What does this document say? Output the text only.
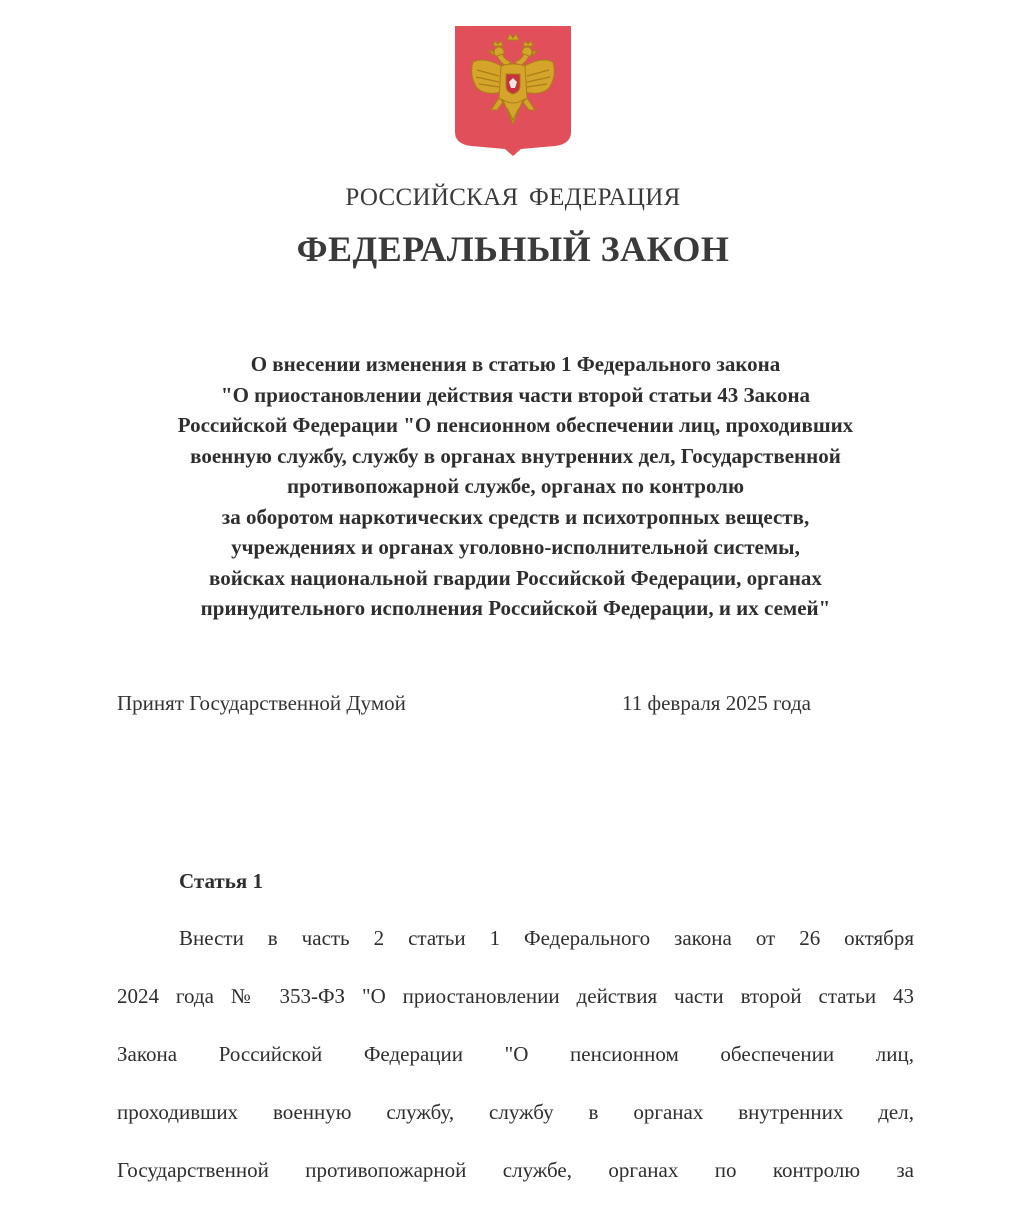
РОССИЙСКАЯ ФЕДЕРАЦИЯ
ФЕДЕРАЛЬНЫЙ ЗАКОН
О внесении изменения в статью 1 Федерального закона
"О приостановлении действия части второй статьи 43 Закона
Российской Федерации "О пенсионном обеспечении лиц, проходивших
военную службу, службу в органах внутренних дел, Государственной
противопожарной службе, органах по контролю
за оборотом наркотических средств и психотропных веществ,
учреждениях и органах уголовно-исполнительной системы,
войсках национальной гвардии Российской Федерации, органах
принудительного исполнения Российской Федерации, и их семей"
Принят Государственной Думой	11 февраля 2025 года
Статья 1
Внести в часть 2 статьи 1 Федерального закона от 26 октября
2024 года № 353-ФЗ "О приостановлении действия части второй статьи 43
Закона Российской Федерации "О пенсионном обеспечении лиц,
проходивших военную службу, службу в органах внутренних дел,
Государственной противопожарной службе, органах по контролю за
